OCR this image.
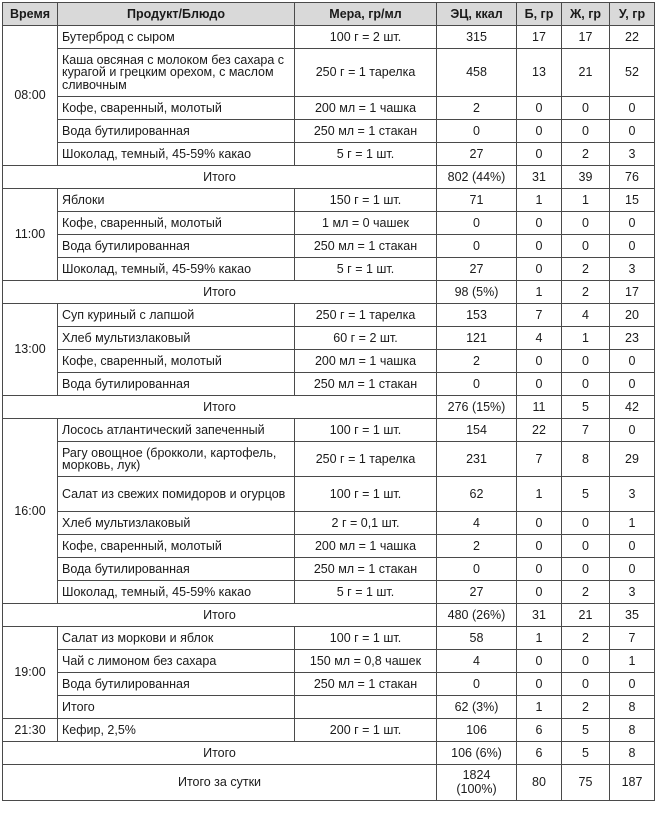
Время	Продукт/Блюдо	Мера, гр/мл	ЭЦ, ккал	Б, гр	Ж, гр	У, гр
08:00	Бутерброд с сыром	100 г = 2 шт.	315	17	17	22
	Каша овсяная с молоком без сахара с курагой и грецким орехом, с маслом сливочным	250 г = 1 тарелка	458	13	21	52
	Кофе, сваренный, молотый	200 мл = 1 чашка	2	0	0	0
	Вода бутилированная	250 мл = 1 стакан	0	0	0	0
	Шоколад, темный, 45-59% какао	5 г = 1 шт.	27	0	2	3
Итого			802 (44%)	31	39	76
11:00	Яблоки	150 г = 1 шт.	71	1	1	15
	Кофе, сваренный, молотый	1 мл = 0 чашек	0	0	0	0
	Вода бутилированная	250 мл = 1 стакан	0	0	0	0
	Шоколад, темный, 45-59% какао	5 г = 1 шт.	27	0	2	3
Итого			98 (5%)	1	2	17
13:00	Суп куриный с лапшой	250 г = 1 тарелка	153	7	4	20
	Хлеб мультизлаковый	60 г = 2 шт.	121	4	1	23
	Кофе, сваренный, молотый	200 мл = 1 чашка	2	0	0	0
	Вода бутилированная	250 мл = 1 стакан	0	0	0	0
Итого			276 (15%)	11	5	42
16:00	Лосось атлантический запеченный	100 г = 1 шт.	154	22	7	0
	Рагу овощное (брокколи, картофель, морковь, лук)	250 г = 1 тарелка	231	7	8	29
	Салат из свежих помидоров и огурцов	100 г = 1 шт.	62	1	5	3
	Хлеб мультизлаковый	2 г = 0,1 шт.	4	0	0	1
	Кофе, сваренный, молотый	200 мл = 1 чашка	2	0	0	0
	Вода бутилированная	250 мл = 1 стакан	0	0	0	0
	Шоколад, темный, 45-59% какао	5 г = 1 шт.	27	0	2	3
Итого			480 (26%)	31	21	35
19:00	Салат из моркови и яблок	100 г = 1 шт.	58	1	2	7
	Чай с лимоном без сахара	150 мл = 0,8 чашек	4	0	0	1
	Вода бутилированная	250 мл = 1 стакан	0	0	0	0
	Итого		62 (3%)	1	2	8
21:30	Кефир, 2,5%	200 г = 1 шт.	106	6	5	8
Итого			106 (6%)	6	5	8
Итого за сутки			1824 (100%)	80	75	187
